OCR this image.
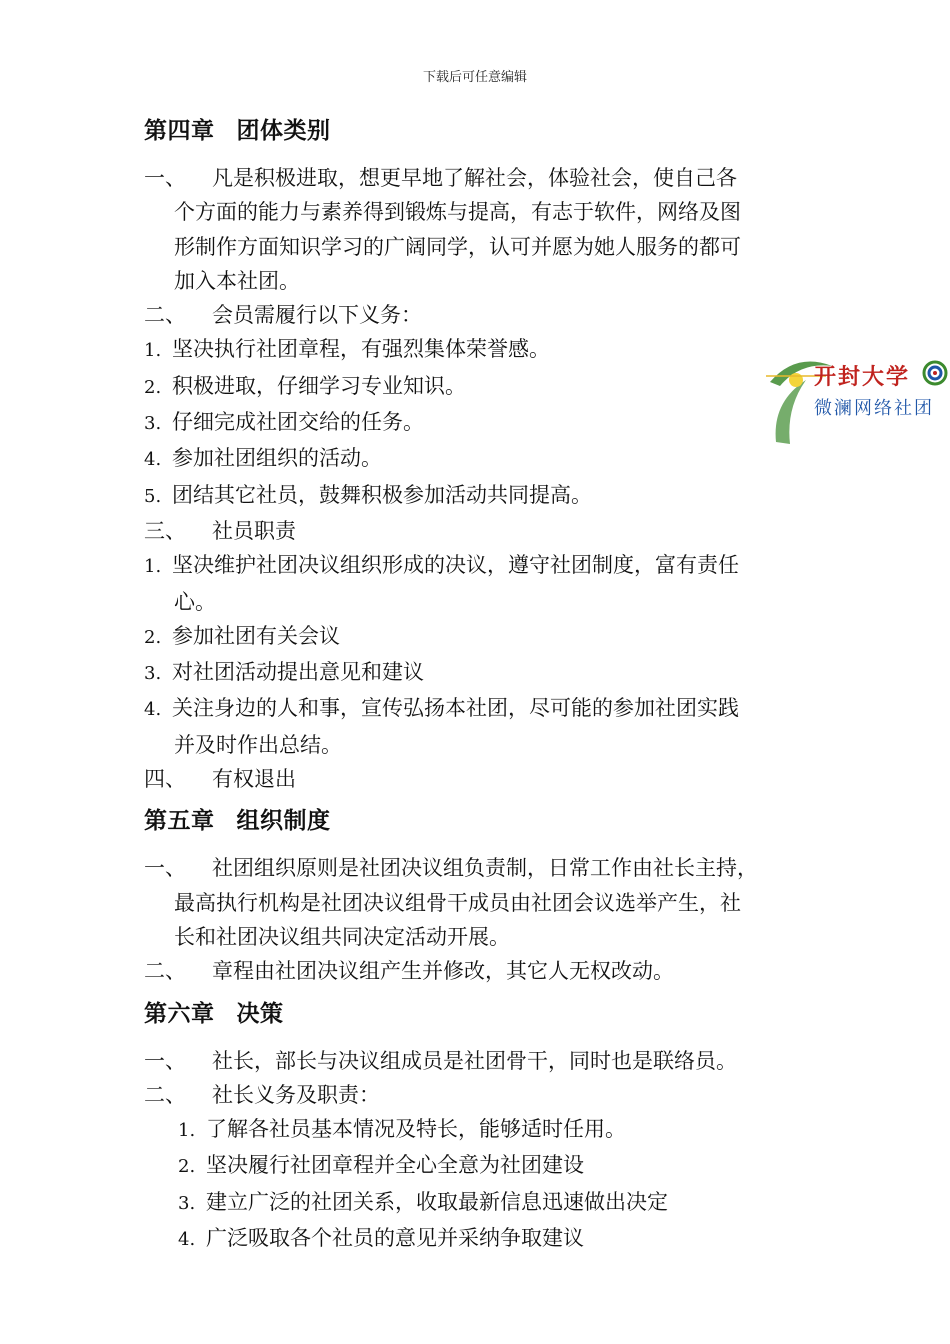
下载后可任意编辑
开封大学
微澜网络社团
第四章 团体类别
一、 凡是积极进取，想更早地了解社会，体验社会，使自己各
个方面的能力与素养得到锻炼与提高，有志于软件，网络及图
形制作方面知识学习的广阔同学，认可并愿为她人服务的都可
加入本社团。
二、 会员需履行以下义务：
1. 坚决执行社团章程，有强烈集体荣誉感。
2. 积极进取，仔细学习专业知识。
3. 仔细完成社团交给的任务。
4. 参加社团组织的活动。
5. 团结其它社员，鼓舞积极参加活动共同提高。
三、 社员职责
1. 坚决维护社团决议组织形成的决议，遵守社团制度，富有责任
心。
2. 参加社团有关会议
3. 对社团活动提出意见和建议
4. 关注身边的人和事，宣传弘扬本社团，尽可能的参加社团实践
并及时作出总结。
四、 有权退出
第五章 组织制度
一、 社团组织原则是社团决议组负责制，日常工作由社长主持，
最高执行机构是社团决议组骨干成员由社团会议选举产生，社
长和社团决议组共同决定活动开展。
二、 章程由社团决议组产生并修改，其它人无权改动。
第六章 决策
一、 社长，部长与决议组成员是社团骨干，同时也是联络员。
二、 社长义务及职责：
1. 了解各社员基本情况及特长，能够适时任用。
2. 坚决履行社团章程并全心全意为社团建设
3. 建立广泛的社团关系，收取最新信息迅速做出决定
4. 广泛吸取各个社员的意见并采纳争取建议
